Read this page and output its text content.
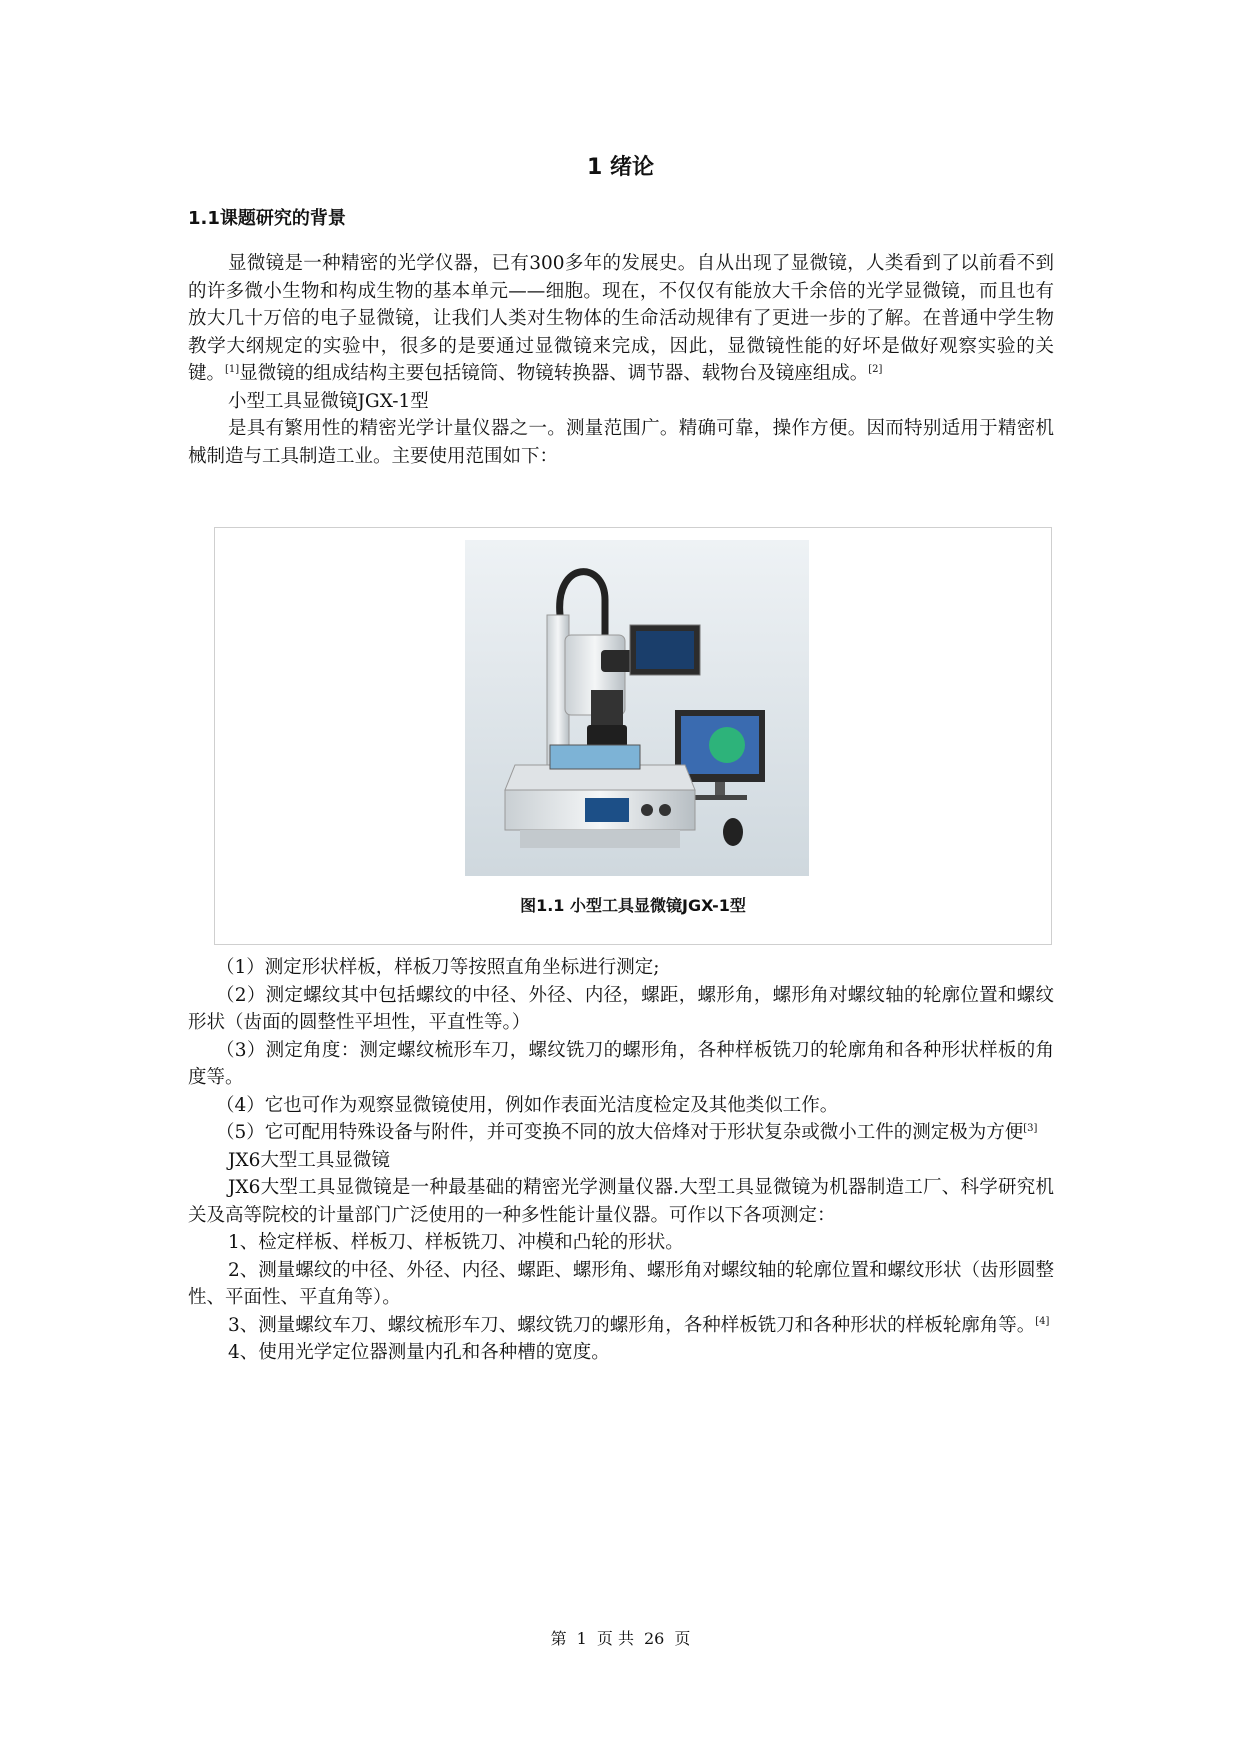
1 绪论
1.1课题研究的背景

显微镜是一种精密的光学仪器，已有300多年的发展史。自从出现了显微镜，人类看到了以前看不到的许多微小生物和构成生物的基本单元——细胞。现在，不仅仅有能放大千余倍的光学显微镜，而且也有放大几十万倍的电子显微镜，让我们人类对生物体的生命活动规律有了更进一步的了解。在普通中学生物教学大纲规定的实验中，很多的是要通过显微镜来完成，因此，显微镜性能的好坏是做好观察实验的关键。[1]显微镜的组成结构主要包括镜筒、物镜转换器、调节器、载物台及镜座组成。[2]

小型工具显微镜JGX-1型

是具有繁用性的精密光学计量仪器之一。测量范围广。精确可靠，操作方便。因而特别适用于精密机械制造与工具制造工业。主要使用范围如下：

图1.1 小型工具显微镜JGX-1型

（1）测定形状样板，样板刀等按照直角坐标进行测定;

（2）测定螺纹其中包括螺纹的中径、外径、内径，螺距，螺形角，螺形角对螺纹轴的轮廓位置和螺纹形状（齿面的圆整性平坦性，平直性等。）

（3）测定角度：测定螺纹梳形车刀，螺纹铣刀的螺形角，各种样板铣刀的轮廓角和各种形状样板的角度等。

（4）它也可作为观察显微镜使用，例如作表面光洁度检定及其他类似工作。

（5）它可配用特殊设备与附件，并可变换不同的放大倍烽对于形状复杂或微小工件的测定极为方便[3]

JX6大型工具显微镜

JX6大型工具显微镜是一种最基础的精密光学测量仪器.大型工具显微镜为机器制造工厂、科学研究机关及高等院校的计量部门广泛使用的一种多性能计量仪器。可作以下各项测定：

1、检定样板、样板刀、样板铣刀、冲模和凸轮的形状。

2、测量螺纹的中径、外径、内径、螺距、螺形角、螺形角对螺纹轴的轮廓位置和螺纹形状（齿形圆整性、平面性、平直角等）。

3、测量螺纹车刀、螺纹梳形车刀、螺纹铣刀的螺形角，各种样板铣刀和各种形状的样板轮廓角等。[4]

4、使用光学定位器测量内孔和各种槽的宽度。

第 1 页 共 26 页
